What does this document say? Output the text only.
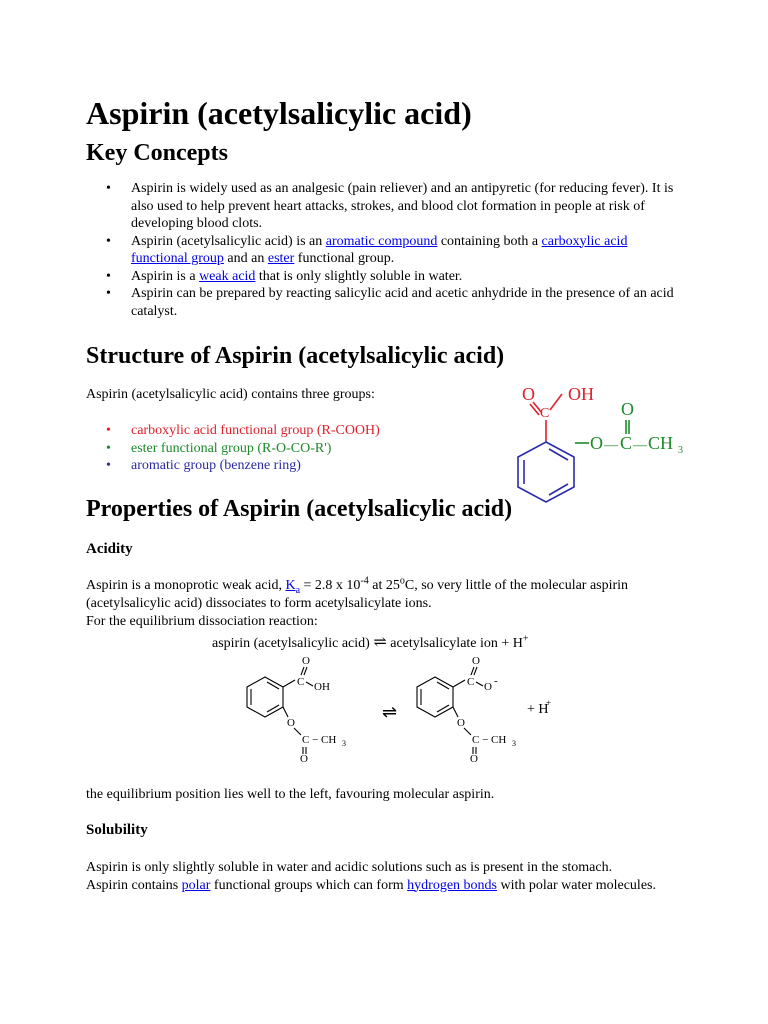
Aspirin (acetylsalicylic acid)
Key Concepts
• Aspirin is widely used as an analgesic (pain reliever) and an antipyretic (for reducing fever). It is also used to help prevent heart attacks, strokes, and blood clot formation in people at risk of developing blood clots.
• Aspirin (acetylsalicylic acid) is an aromatic compound containing both a carboxylic acid functional group and an ester functional group.
• Aspirin is a weak acid that is only slightly soluble in water.
• Aspirin can be prepared by reacting salicylic acid and acetic anhydride in the presence of an acid catalyst.
Structure of Aspirin (acetylsalicylic acid)

Aspirin (acetylsalicylic acid) contains three groups:

• carboxylic acid functional group (R-COOH)
• ester functional group (R-O-CO-R')
• aromatic group (benzene ring)
Properties of Aspirin (acetylsalicylic acid)
Acidity

Aspirin is a monoprotic weak acid, $K_a = 2.8$ x $10^{-4}$ at 25$^o$C, so very little of the molecular aspirin (acetylsalicylic acid) dissociates to form acetylsalicylate ions.

For the equilibrium dissociation reaction:

aspirin (acetylsalicylic acid) ⇌ acetylsalicylate ion + H+

the equilibrium position lies well to the left, favouring molecular aspirin.

Solubility

Aspirin is only slightly soluble in water and acidic solutions such as is present in the stomach.
Aspirin contains polar functional groups which can form hydrogen bonds with polar water molecules.

O OH
O
O — C — CH 3
C
O
C OH
O
C − CH 3
O
O
C O -
O
C − CH 3
O
⇌	+ H
+
